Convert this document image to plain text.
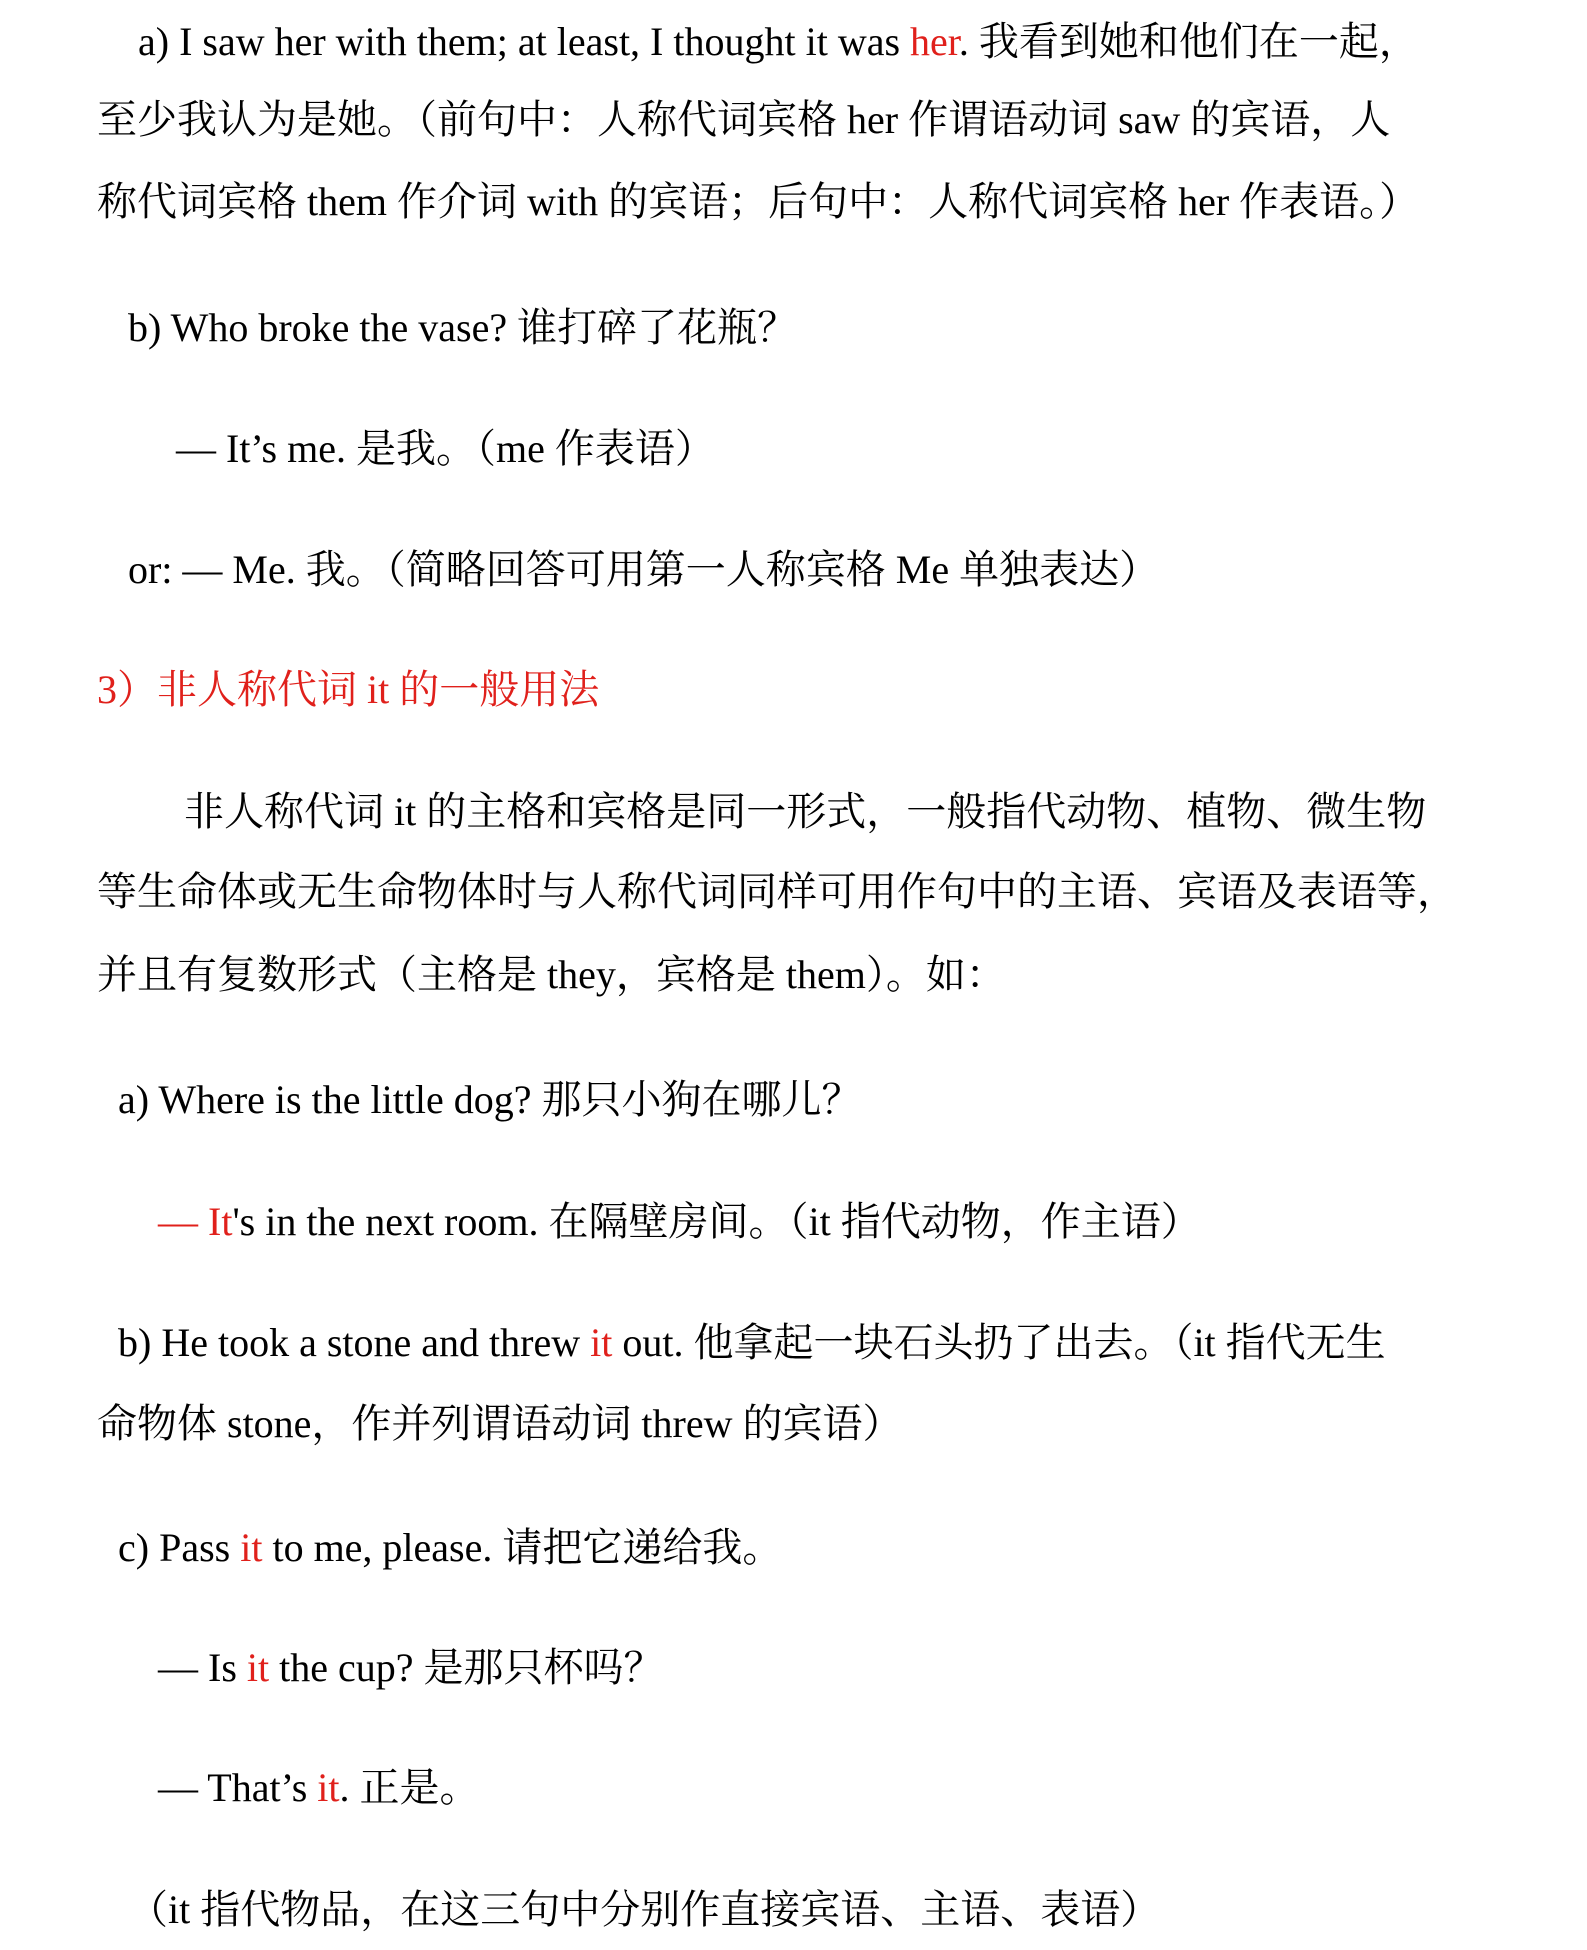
a) I saw her with them; at least, I thought it was her. 我看到她和他们在一起，
至少我认为是她。（前句中：人称代词宾格 her 作谓语动词 saw 的宾语，人
称代词宾格 them 作介词 with 的宾语；后句中：人称代词宾格 her 作表语。）
b) Who broke the vase? 谁打碎了花瓶？
— It’s me. 是我。（me 作表语）
or: — Me. 我。（简略回答可用第一人称宾格 Me 单独表达）
3）非人称代词 it 的一般用法
非人称代词 it 的主格和宾格是同一形式，一般指代动物、植物、微生物
等生命体或无生命物体时与人称代词同样可用作句中的主语、宾语及表语等，
并且有复数形式（主格是 they，宾格是 them）。如：
a) Where is the little dog? 那只小狗在哪儿？
— It's in the next room. 在隔壁房间。（it 指代动物，作主语）
b) He took a stone and threw it out. 他拿起一块石头扔了出去。（it 指代无生
命物体 stone，作并列谓语动词 threw 的宾语）
c) Pass it to me, please. 请把它递给我。
— Is it the cup? 是那只杯吗？
— That’s it. 正是。
（it 指代物品，在这三句中分别作直接宾语、主语、表语）
